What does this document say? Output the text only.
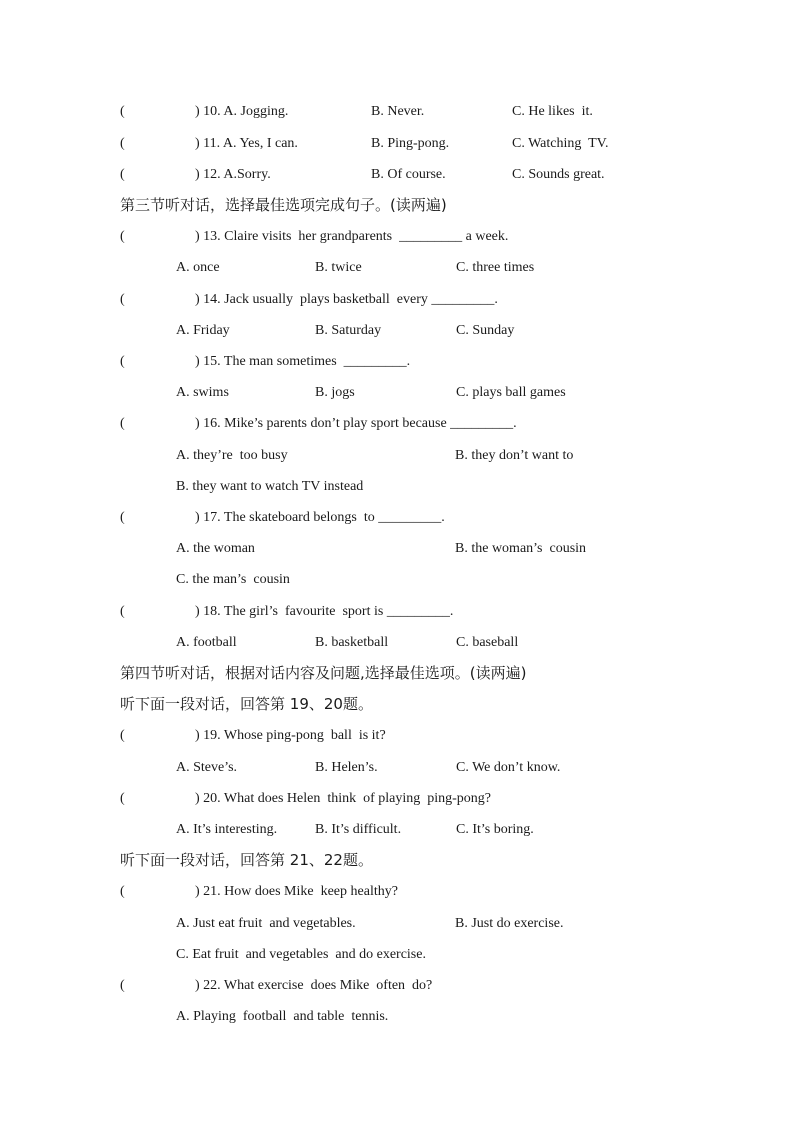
(	) 10. A. Jogging.	B. Never.	C. He likes  it.
(	) 11. A. Yes, I can.	B. Ping-pong.	C. Watching  TV.
(	) 12. A.Sorry.	B. Of course.	C. Sounds great.
第三节听对话，选择最佳选项完成句子。(读两遍)
(	) 13. Claire visits  her grandparents  _________ a week.
A. once	B. twice	C. three times
(	) 14. Jack usually  plays basketball  every _________.
A. Friday	B. Saturday	C. Sunday
(	) 15. The man sometimes  _________.
A. swims	B. jogs	C. plays ball games
(	) 16. Mike’s parents don’t play sport because _________.
A. they’re  too busy	B. they don’t want to
B. they want to watch TV instead
(	) 17. The skateboard belongs  to _________.
A. the woman	B. the woman’s  cousin
C. the man’s  cousin
(	) 18. The girl’s  favourite  sport is _________.
A. football	B. basketball	C. baseball
第四节听对话，根据对话内容及问题,选择最佳选项。(读两遍)
听下面一段对话，回答第 19、20题。
(	) 19. Whose ping-pong  ball  is it?
A. Steve’s.	B. Helen’s.	C. We don’t know.
(	) 20. What does Helen  think  of playing  ping-pong?
A. It’s interesting.	B. It’s difficult.	C. It’s boring.
听下面一段对话，回答第 21、22题。
(	) 21. How does Mike  keep healthy?
A. Just eat fruit  and vegetables.	B. Just do exercise.
C. Eat fruit  and vegetables  and do exercise.
(	) 22. What exercise  does Mike  often  do?
A. Playing  football  and table  tennis.
